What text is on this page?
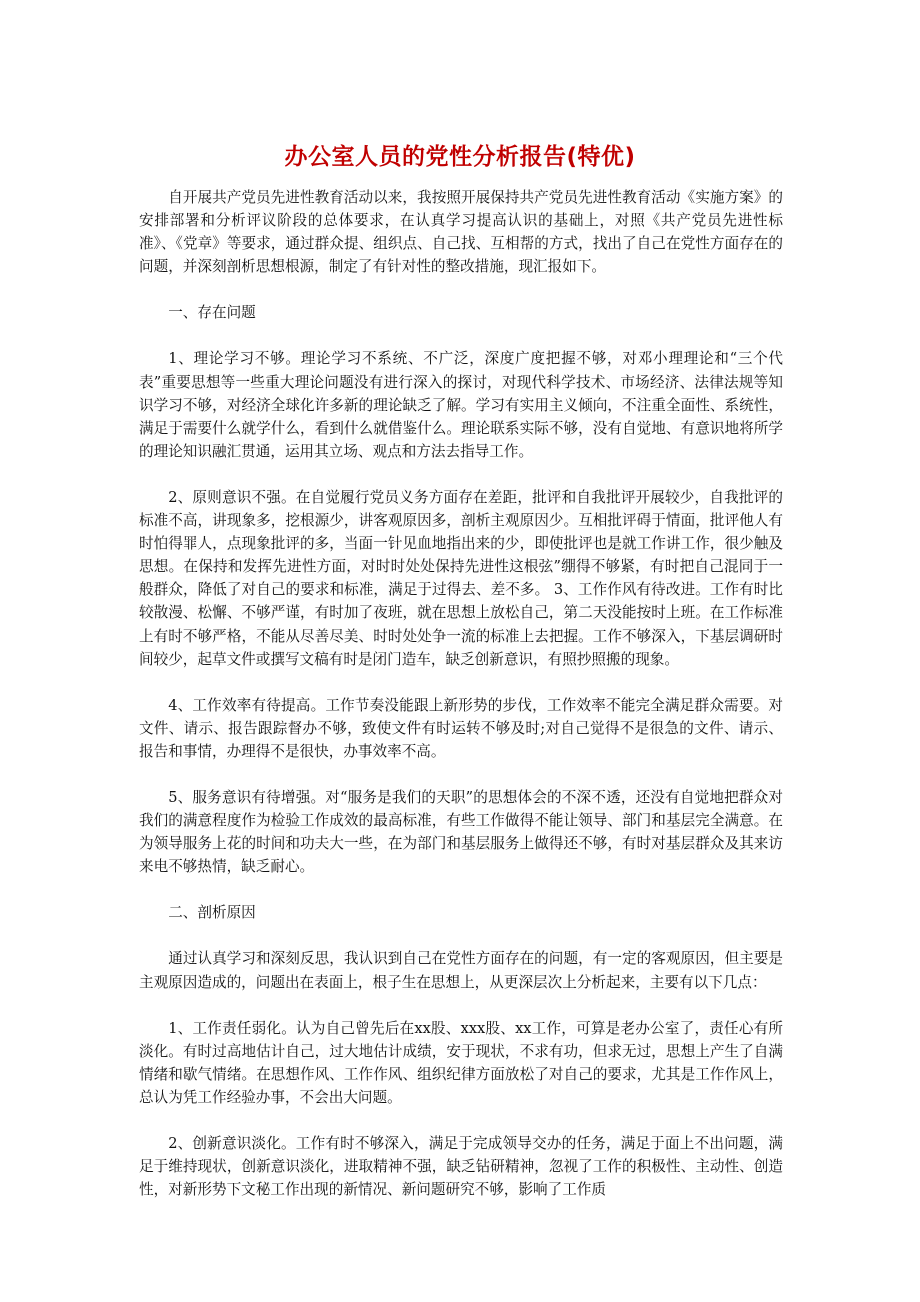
办公室人员的党性分析报告(特优)

自开展共产党员先进性教育活动以来，我按照开展保持共产党员先进性教育活动《实施方案》的安排部署和分析评议阶段的总体要求，在认真学习提高认识的基础上，对照《共产党员先进性标准》、《党章》等要求，通过群众提、组织点、自己找、互相帮的方式，找出了自己在党性方面存在的问题，并深刻剖析思想根源，制定了有针对性的整改措施，现汇报如下。

一、存在问题

1、理论学习不够。理论学习不系统、不广泛，深度广度把握不够，对邓小理理论和“三个代表”重要思想等一些重大理论问题没有进行深入的探讨，对现代科学技术、市场经济、法律法规等知识学习不够，对经济全球化许多新的理论缺乏了解。学习有实用主义倾向，不注重全面性、系统性，满足于需要什么就学什么，看到什么就借鉴什么。理论联系实际不够，没有自觉地、有意识地将所学的理论知识融汇贯通，运用其立场、观点和方法去指导工作。

2、原则意识不强。在自觉履行党员义务方面存在差距，批评和自我批评开展较少，自我批评的标准不高，讲现象多，挖根源少，讲客观原因多，剖析主观原因少。互相批评碍于情面，批评他人有时怕得罪人，点现象批评的多，当面一针见血地指出来的少，即使批评也是就工作讲工作，很少触及思想。在保持和发挥先进性方面，对时时处处保持先进性这根弦”绷得不够紧，有时把自己混同于一般群众，降低了对自己的要求和标准，满足于过得去、差不多。 3、工作作风有待改进。工作有时比较散漫、松懈、不够严谨，有时加了夜班，就在思想上放松自己，第二天没能按时上班。在工作标准上有时不够严格，不能从尽善尽美、时时处处争一流的标准上去把握。工作不够深入，下基层调研时间较少，起草文件或撰写文稿有时是闭门造车，缺乏创新意识，有照抄照搬的现象。

4、工作效率有待提高。工作节奏没能跟上新形势的步伐，工作效率不能完全满足群众需要。对文件、请示、报告跟踪督办不够，致使文件有时运转不够及时;对自己觉得不是很急的文件、请示、报告和事情，办理得不是很快，办事效率不高。

5、服务意识有待增强。对“服务是我们的天职”的思想体会的不深不透，还没有自觉地把群众对我们的满意程度作为检验工作成效的最高标准，有些工作做得不能让领导、部门和基层完全满意。在为领导服务上花的时间和功夫大一些，在为部门和基层服务上做得还不够，有时对基层群众及其来访来电不够热情，缺乏耐心。

二、剖析原因

通过认真学习和深刻反思，我认识到自己在党性方面存在的问题，有一定的客观原因，但主要是主观原因造成的，问题出在表面上，根子生在思想上，从更深层次上分析起来，主要有以下几点：

1、工作责任弱化。认为自己曾先后在xx股、xxx股、xx工作，可算是老办公室了，责任心有所淡化。有时过高地估计自己，过大地估计成绩，安于现状，不求有功，但求无过，思想上产生了自满情绪和歇气情绪。在思想作风、工作作风、组织纪律方面放松了对自己的要求，尤其是工作作风上，总认为凭工作经验办事，不会出大问题。

2、创新意识淡化。工作有时不够深入，满足于完成领导交办的任务，满足于面上不出问题，满足于维持现状，创新意识淡化，进取精神不强，缺乏钻研精神，忽视了工作的积极性、主动性、创造性，对新形势下文秘工作出现的新情况、新问题研究不够，影响了工作质
